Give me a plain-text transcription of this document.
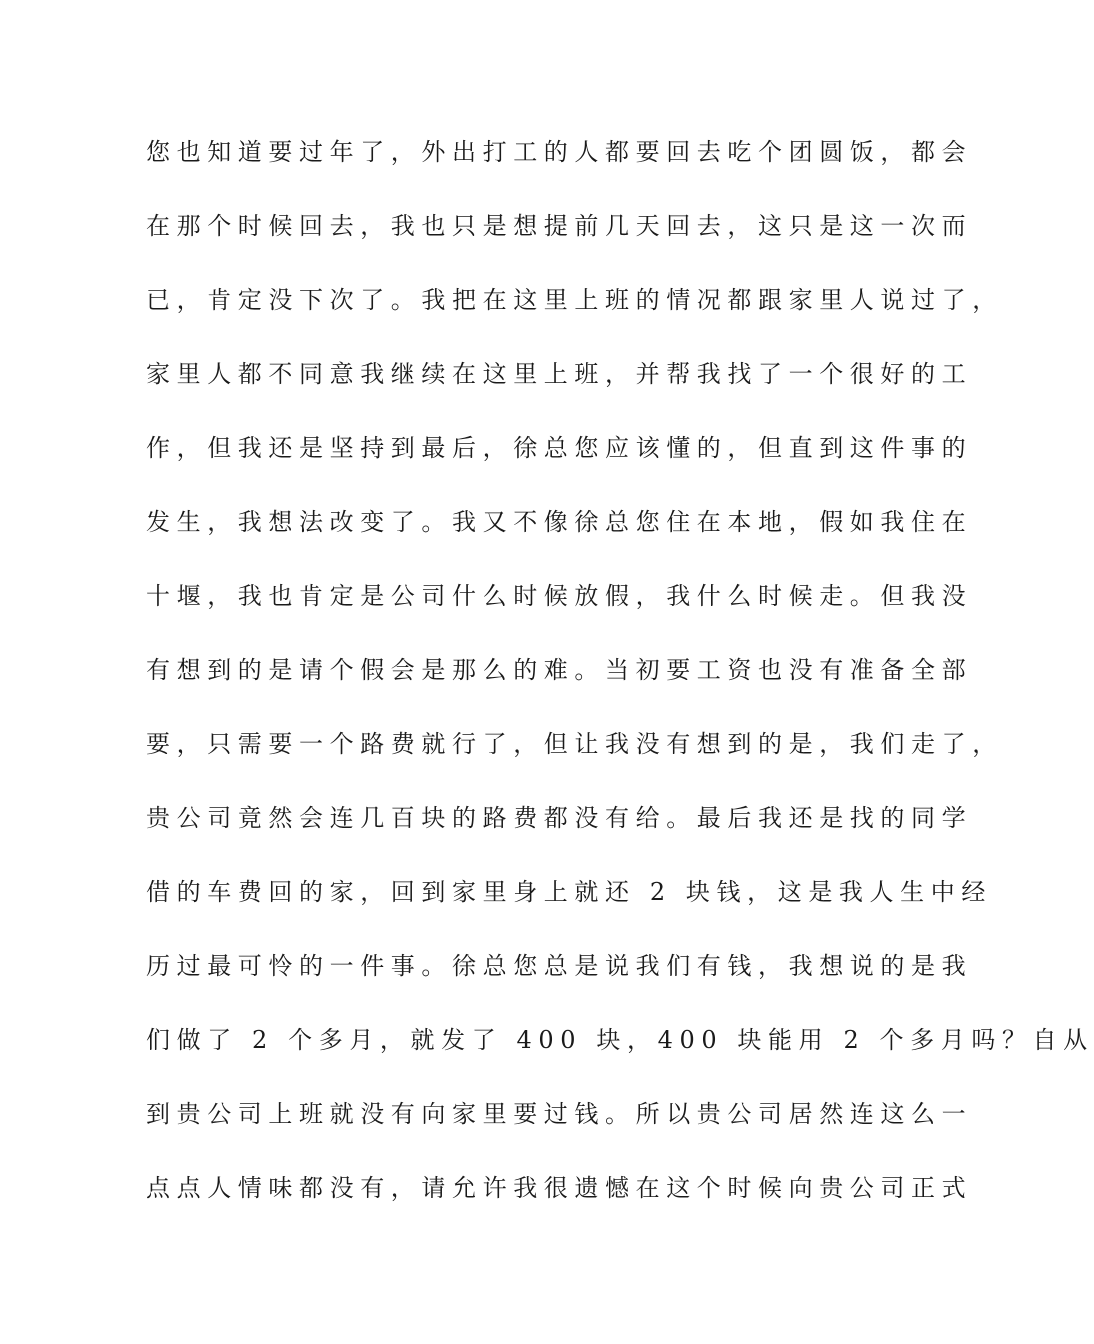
您也知道要过年了，外出打工的人都要回去吃个团圆饭，都会
在那个时候回去，我也只是想提前几天回去，这只是这一次而
已，肯定没下次了。我把在这里上班的情况都跟家里人说过了，
家里人都不同意我继续在这里上班，并帮我找了一个很好的工
作，但我还是坚持到最后，徐总您应该懂的，但直到这件事的
发生，我想法改变了。我又不像徐总您住在本地，假如我住在
十堰，我也肯定是公司什么时候放假，我什么时候走。但我没
有想到的是请个假会是那么的难。当初要工资也没有准备全部
要，只需要一个路费就行了，但让我没有想到的是，我们走了，
贵公司竟然会连几百块的路费都没有给。最后我还是找的同学
借的车费回的家，回到家里身上就还 2 块钱，这是我人生中经
历过最可怜的一件事。徐总您总是说我们有钱，我想说的是我
们做了 2 个多月，就发了 400 块，400 块能用 2 个多月吗？自从
到贵公司上班就没有向家里要过钱。所以贵公司居然连这么一
点点人情味都没有，请允许我很遗憾在这个时候向贵公司正式
